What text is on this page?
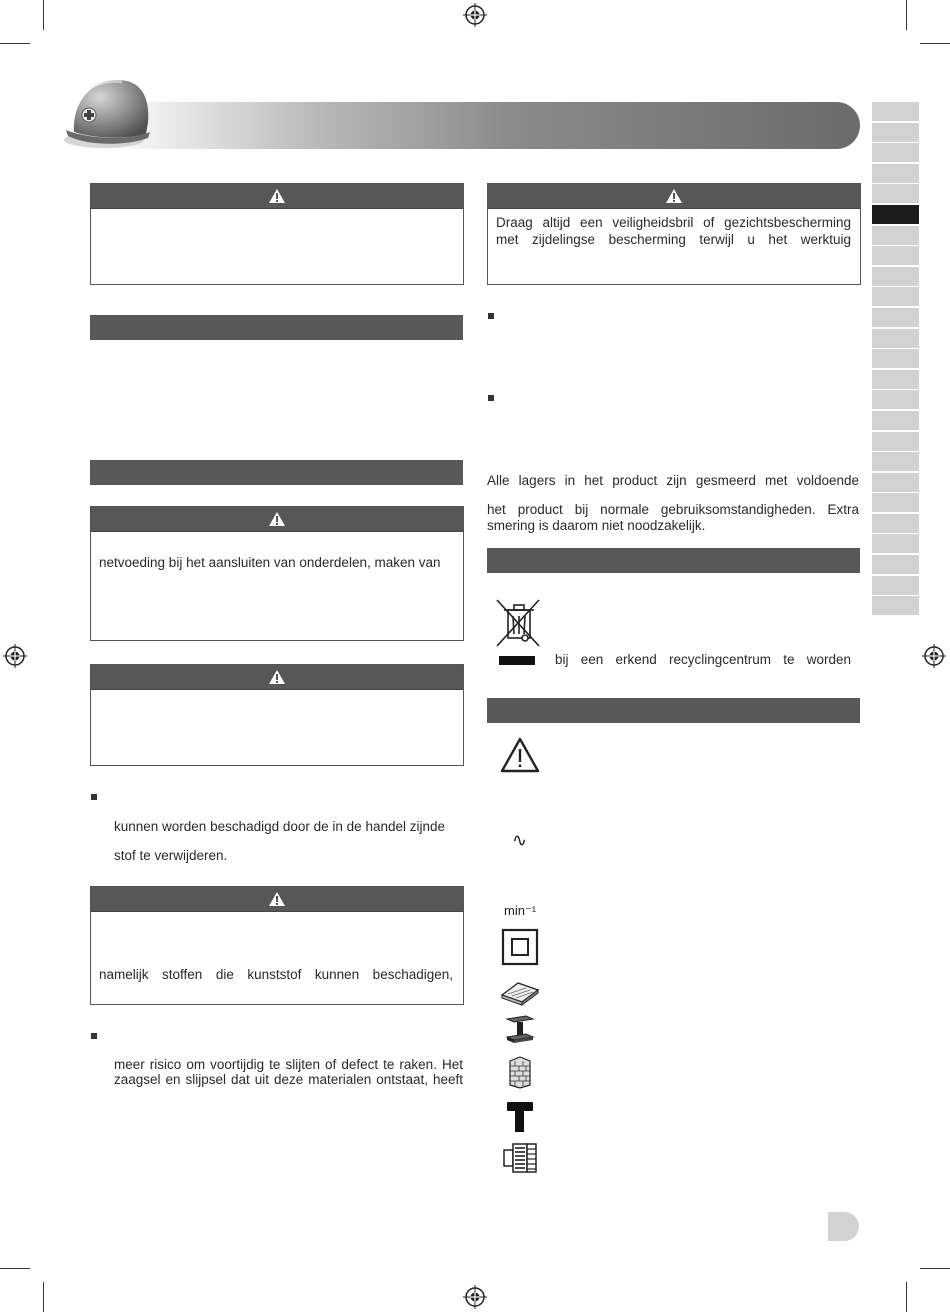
netvoeding bij het aansluiten van onderdelen, maken van
kunnen worden beschadigd door de in de handel zijnde
stof te verwijderen.
namelijk stoffen die kunststof kunnen beschadigen,
meer risico om voortijdig te slijten of defect te raken. Het
zaagsel en slijpsel dat uit deze materialen ontstaat, heeft
Draag altijd een veiligheidsbril of gezichtsbescherming
met zijdelingse bescherming terwijl u het werktuig
Alle lagers in het product zijn gesmeerd met voldoende
het product bij normale gebruiksomstandigheden. Extra
smering is daarom niet noodzakelijk.
bij een erkend recyclingcentrum te worden
∿
min⁻¹
